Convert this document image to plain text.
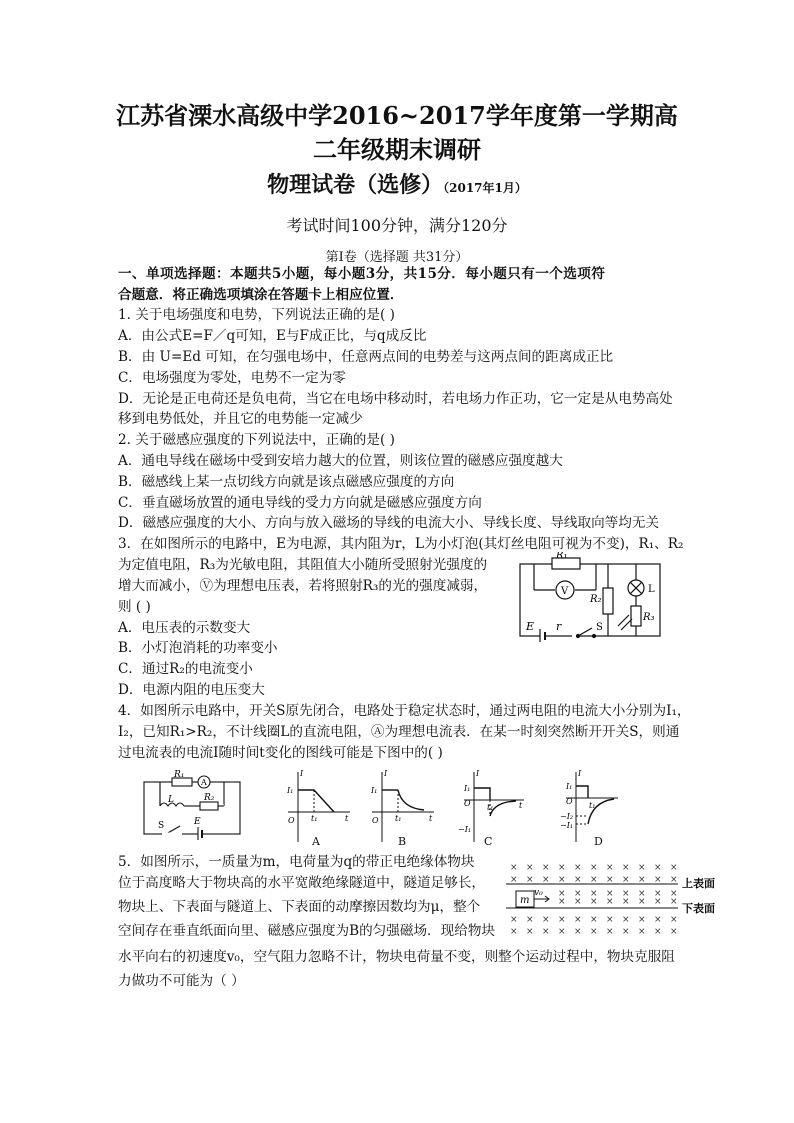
江苏省溧水高级中学2016~2017学年度第一学期高
二年级期末调研
物理试卷（选修）（2017年1月）
考试时间100分钟，满分120分
第Ⅰ卷（选择题 共31分）
一、单项选择题：本题共5小题，每小题3分，共15分．每小题只有一个选项符
合题意．将正确选项填涂在答题卡上相应位置．
1. 关于电场强度和电势，下列说法正确的是( )
A．由公式E=F／q可知，E与F成正比，与q成反比
B．由 U=Ed 可知，在匀强电场中，任意两点间的电势差与这两点间的距离成正比
C．电场强度为零处，电势不一定为零
D．无论是正电荷还是负电荷，当它在电场中移动时，若电场力作正功，它一定是从电势高处
移到电势低处，并且它的电势能一定减少
2. 关于磁感应强度的下列说法中，正确的是( )
A．通电导线在磁场中受到安培力越大的位置，则该位置的磁感应强度越大
B．磁感线上某一点切线方向就是该点磁感应强度的方向
C．垂直磁场放置的通电导线的受力方向就是磁感应强度方向
D．磁感应强度的大小、方向与放入磁场的导线的电流大小、导线长度、导线取向等均无关
3．在如图所示的电路中，E为电源，其内阻为r，L为小灯泡(其灯丝电阻可视为不变)，R₁、R₂
为定值电阻，R₃为光敏电阻，其阻值大小随所受照射光强度的
增大而减小，Ⓥ为理想电压表，若将照射R₃的光的强度减弱，
则 ( )
A．电压表的示数变大
B．小灯泡消耗的功率变小
C．通过R₂的电流变小
D．电源内阻的电压变大
R₁
V
R₂
L
R₃
E r	S
4．如图所示电路中，开关S原先闭合，电路处于稳定状态时，通过两电阻的电流大小分别为I₁，
I₂，已知R₁>R₂，不计线圈L的直流电阻，Ⓐ为理想电流表．在某一时刻突然断开开关S，则通
过电流表的电流I随时间t变化的图线可能是下图中的( )
R₁
A
L	R₂
S	E
I
I₁
O t₁	t
I
I₁
O t₁	t
I
I₁
O t₁	t
−I₁
I
I₁
O t₁
−I₂
−I₁
A	B	C	D
5．如图所示，一质量为m，电荷量为q的带正电绝缘体物块
位于高度略大于物块高的水平宽敞绝缘隧道中，隧道足够长，
物块上、下表面与隧道上、下表面的动摩擦因数均为μ，整个
空间存在垂直纸面向里、磁感应强度为B的匀强磁场．现给物块
水平向右的初速度v₀，空气阻力忽略不计，物块电荷量不变，则整个运动过程中，物块克服阻
力做功不可能为（ ）
m
v₀
上表面
下表面
× × × × × × × × × × ×
× × × × × × × × × × ×
× × × × × × × × × × ×
× × × × × × × × × × ×
× × × × × × × ×
× × × × × × × ×
